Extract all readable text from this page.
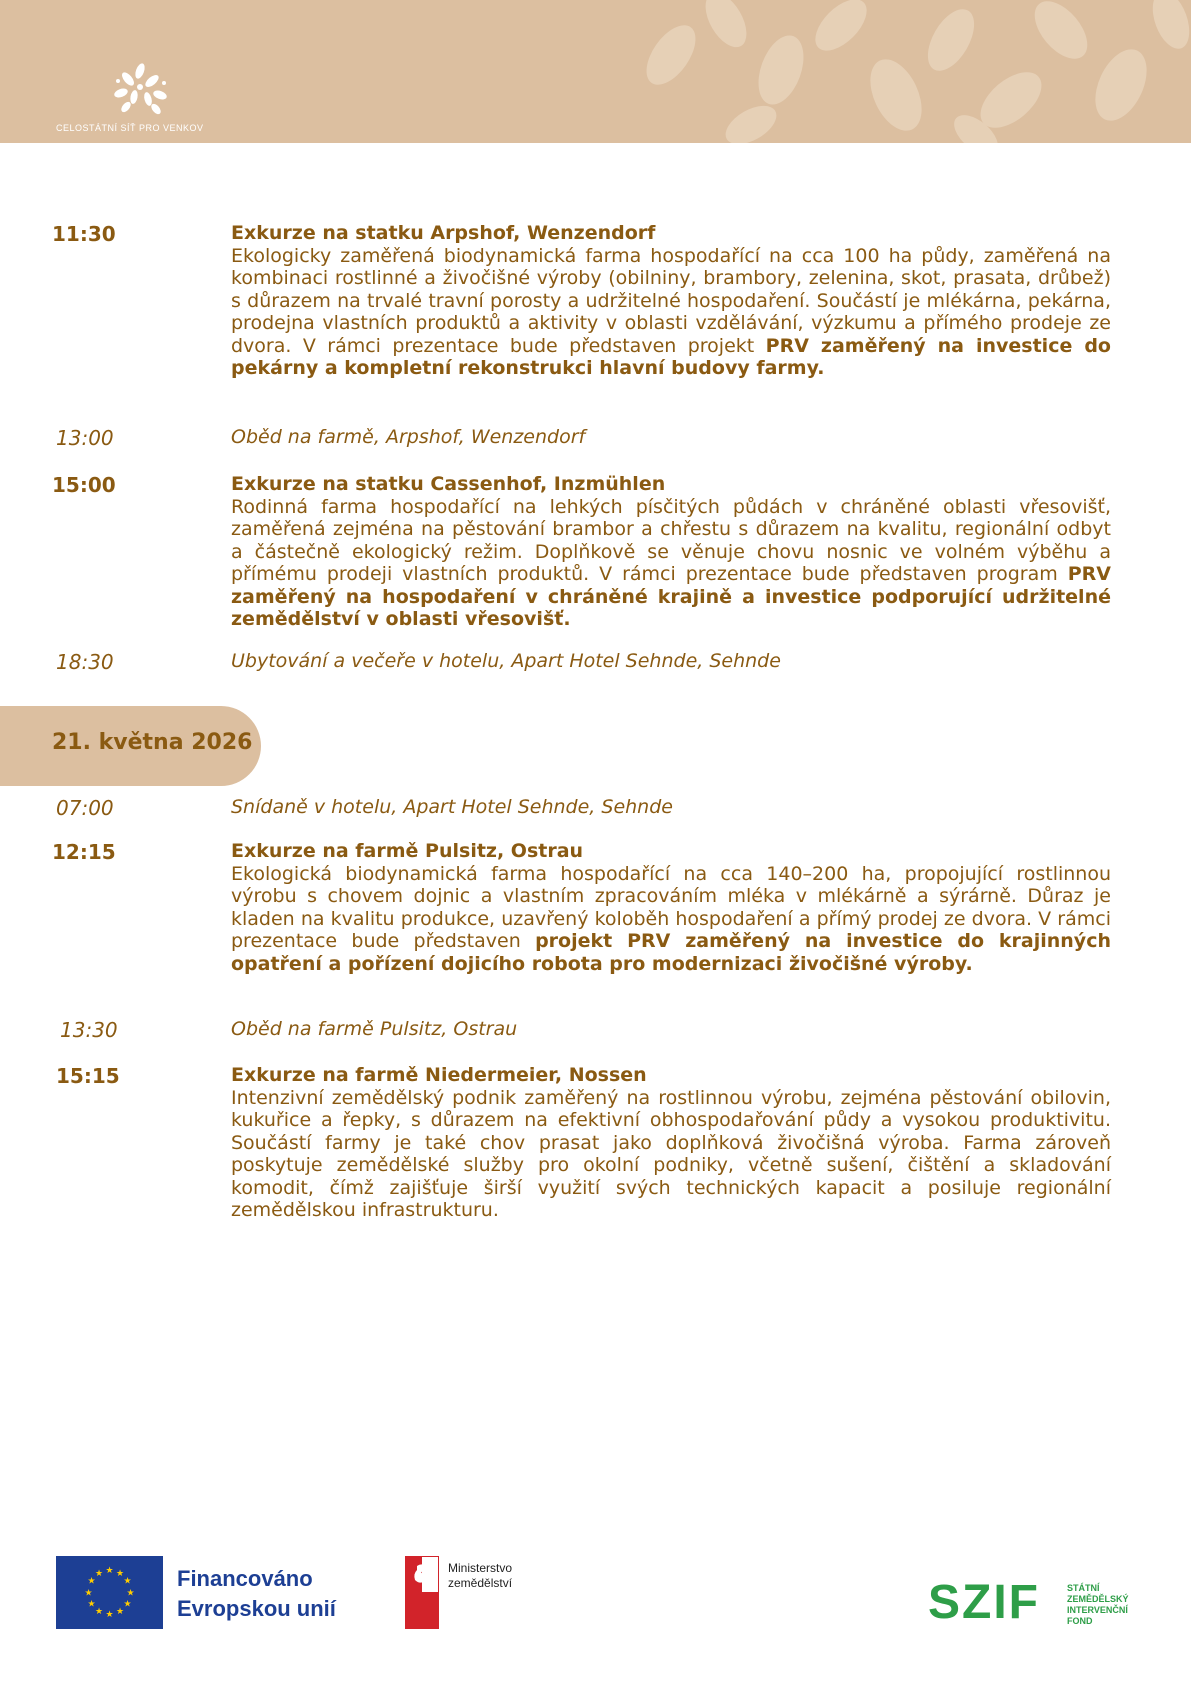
CELOSTÁTNÍ SÍŤ PRO VENKOV
11:30	Exkurze na statku Arpshof, Wenzendorf
Ekologicky zaměřená biodynamická farma hospodařící na cca 100 ha půdy, zaměřená na kombinaci rostlinné a živočišné výroby (obilniny, brambory, zelenina, skot, prasata, drůbež) s důrazem na trvalé travní porosty a udržitelné hospodaření. Součástí je mlékárna, pekárna, prodejna vlastních produktů a aktivity v oblasti vzdělávání, výzkumu a přímého prodeje ze dvora. V rámci prezentace bude představen projekt PRV zaměřený na investice do pekárny a kompletní rekonstrukci hlavní budovy farmy.
13:00	Oběd na farmě, Arpshof, Wenzendorf
15:00	Exkurze na statku Cassenhof, Inzmühlen
Rodinná farma hospodařící na lehkých písčitých půdách v chráněné oblasti vřesovišť, zaměřená zejména na pěstování brambor a chřestu s důrazem na kvalitu, regionální odbyt a částečně ekologický režim. Doplňkově se věnuje chovu nosnic ve volném výběhu a přímému prodeji vlastních produktů. V rámci prezentace bude představen program PRV zaměřený na hospodaření v chráněné krajině a investice podporující udržitelné zemědělství v oblasti vřesovišť.
18:30	Ubytování a večeře v hotelu, Apart Hotel Sehnde, Sehnde
21. května 2026
07:00	Snídaně v hotelu, Apart Hotel Sehnde, Sehnde
12:15	Exkurze na farmě Pulsitz, Ostrau
Ekologická biodynamická farma hospodařící na cca 140–200 ha, propojující rostlinnou výrobu s chovem dojnic a vlastním zpracováním mléka v mlékárně a sýrárně. Důraz je kladen na kvalitu produkce, uzavřený koloběh hospodaření a přímý prodej ze dvora. V rámci prezentace bude představen projekt PRV zaměřený na investice do krajinných opatření a pořízení dojicího robota pro modernizaci živočišné výroby.
13:30	Oběd na farmě Pulsitz, Ostrau
15:15	Exkurze na farmě Niedermeier, Nossen
Intenzivní zemědělský podnik zaměřený na rostlinnou výrobu, zejména pěstování obilovin, kukuřice a řepky, s důrazem na efektivní obhospodařování půdy a vysokou produktivitu. Součástí farmy je také chov prasat jako doplňková živočišná výroba. Farma zároveň poskytuje zemědělské služby pro okolní podniky, včetně sušení, čištění a skladování komodit, čímž zajišťuje širší využití svých technických kapacit a posiluje regionální zemědělskou infrastrukturu.
★ ★
★
★
★
★
★
★
★
★
★
★	Financováno
Evropskou unií
Ministerstvo
zemědělství	SZIF	STÁTNÍ
ZEMĚDĚLSKÝ
INTERVENČNÍ
FOND
